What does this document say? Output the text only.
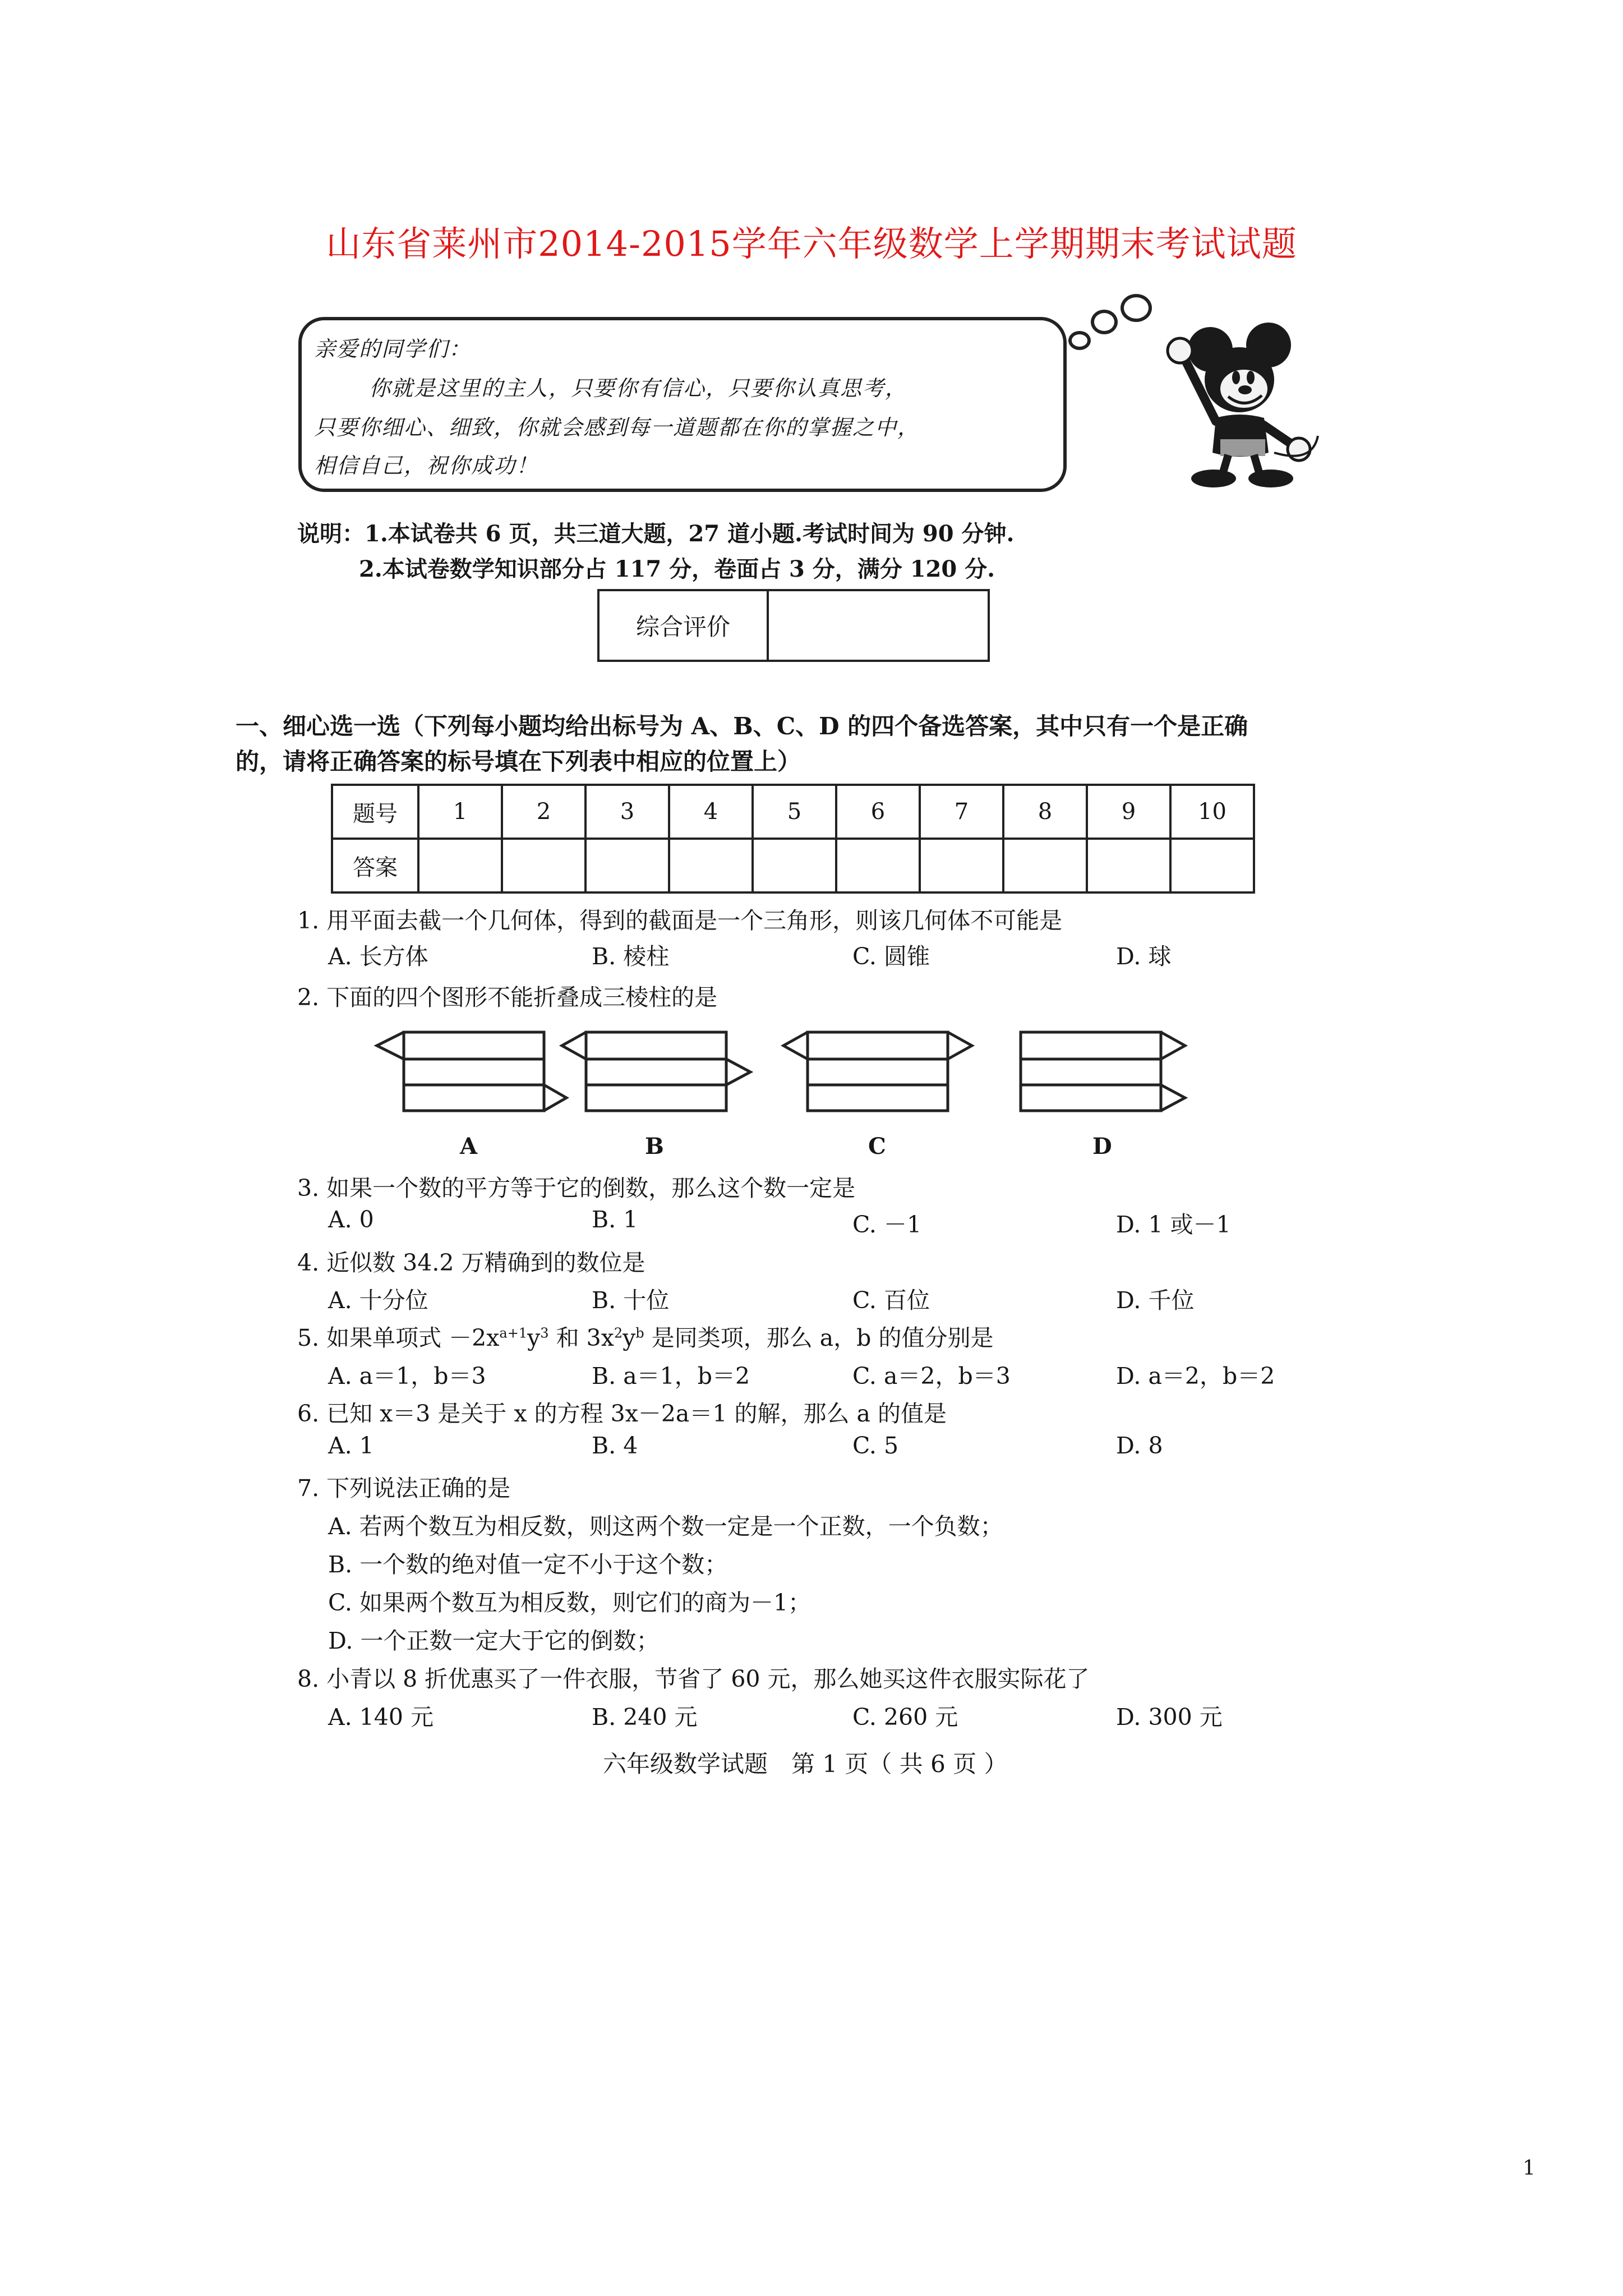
山东省莱州市2014-2015学年六年级数学上学期期末考试试题
亲爱的同学们：
你就是这里的主人，只要你有信心，只要你认真思考，
只要你细心、细致，你就会感到每一道题都在你的掌握之中，
相信自己，祝你成功！
说明：1.本试卷共 6 页，共三道大题，27 道小题.考试时间为 90 分钟.
2.本试卷数学知识部分占 117 分，卷面占 3 分，满分 120 分.
综合评价
一、细心选一选（下列每小题均给出标号为 A、B、C、D 的四个备选答案，其中只有一个是正确
的，请将正确答案的标号填在下列表中相应的位置上）
题号	1	2	3	4	5	6	7	8	9	10
答案										
1. 用平面去截一个几何体，得到的截面是一个三角形，则该几何体不可能是
A. 长方体	B. 棱柱	C. 圆锥	D. 球
2. 下面的四个图形不能折叠成三棱柱的是
A	B	C	D
3. 如果一个数的平方等于它的倒数，那么这个数一定是
A. 0	B. 1	C. －1	D. 1 或－1
4. 近似数 34.2 万精确到的数位是
A. 十分位	B. 十位	C. 百位	D. 千位
5. 如果单项式 $-2x^{a+1}y^3$ 和 $3x^2y^b$ 是同类项，那么 a，b 的值分别是
A. a＝1，b＝3	B. a＝1，b＝2	C. a＝2，b＝3	D. a＝2，b＝2
6. 已知 x＝3 是关于 x 的方程 3x－2a＝1 的解，那么 a 的值是
A. 1	B. 4	C. 5	D. 8
7. 下列说法正确的是
A. 若两个数互为相反数，则这两个数一定是一个正数，一个负数；
B. 一个数的绝对值一定不小于这个数；
C. 如果两个数互为相反数，则它们的商为－1；
D. 一个正数一定大于它的倒数；
8. 小青以 8 折优惠买了一件衣服，节省了 60 元，那么她买这件衣服实际花了
A. 140 元	B. 240 元	C. 260 元	D. 300 元
六年级数学试题　第 1 页（ 共 6 页 ）
1
